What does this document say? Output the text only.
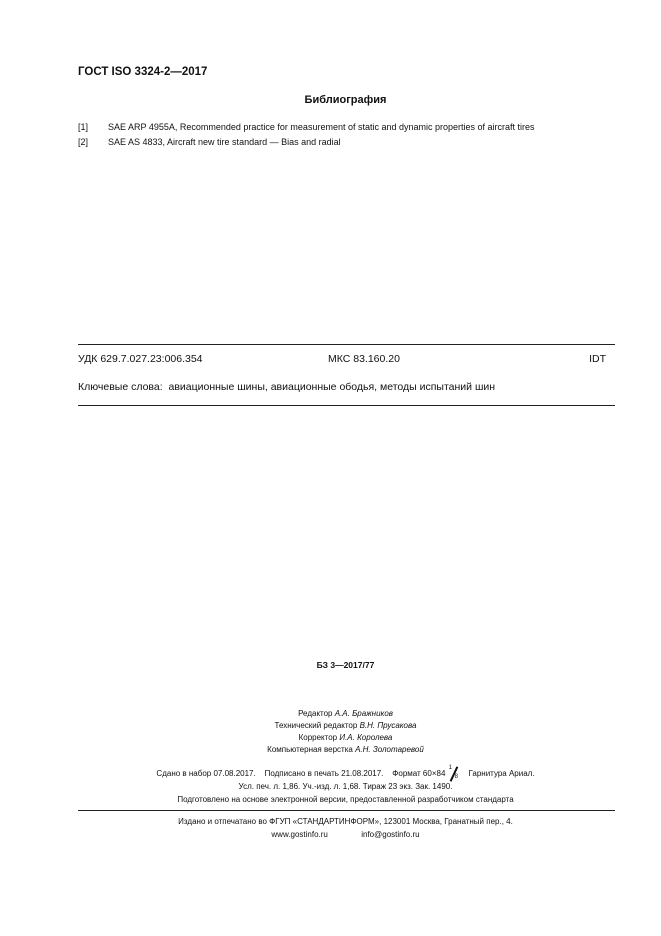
ГОСТ ISO 3324-2—2017
Библиография
[1] SAE ARP 4955A, Recommended practice for measurement of static and dynamic properties of aircraft tires
[2] SAE AS 4833, Aircraft new tire standard — Bias and radial
УДК 629.7.027.23:006.354	МКС 83.160.20	IDT
Ключевые слова: авиационные шины, авиационные ободья, методы испытаний шин
БЗ 3—2017/77
Редактор А.А. Бражников
Технический редактор В.Н. Прусакова
Корректор И.А. Королева
Компьютерная верстка А.Н. Золотаревой
Сдано в набор 07.08.2017. Подписано в печать 21.08.2017. Формат 60×84
1
8 Гарнитура Ариал.
Усл. печ. л. 1,86. Уч.-изд. л. 1,68. Тираж 23 экз. Зак. 1490.
Подготовлено на основе электронной версии, предоставленной разработчиком стандарта
Издано и отпечатано во ФГУП «СТАНДАРТИНФОРМ», 123001 Москва, Гранатный пер., 4.
www.gostinfo.ru	info@gostinfo.ru
